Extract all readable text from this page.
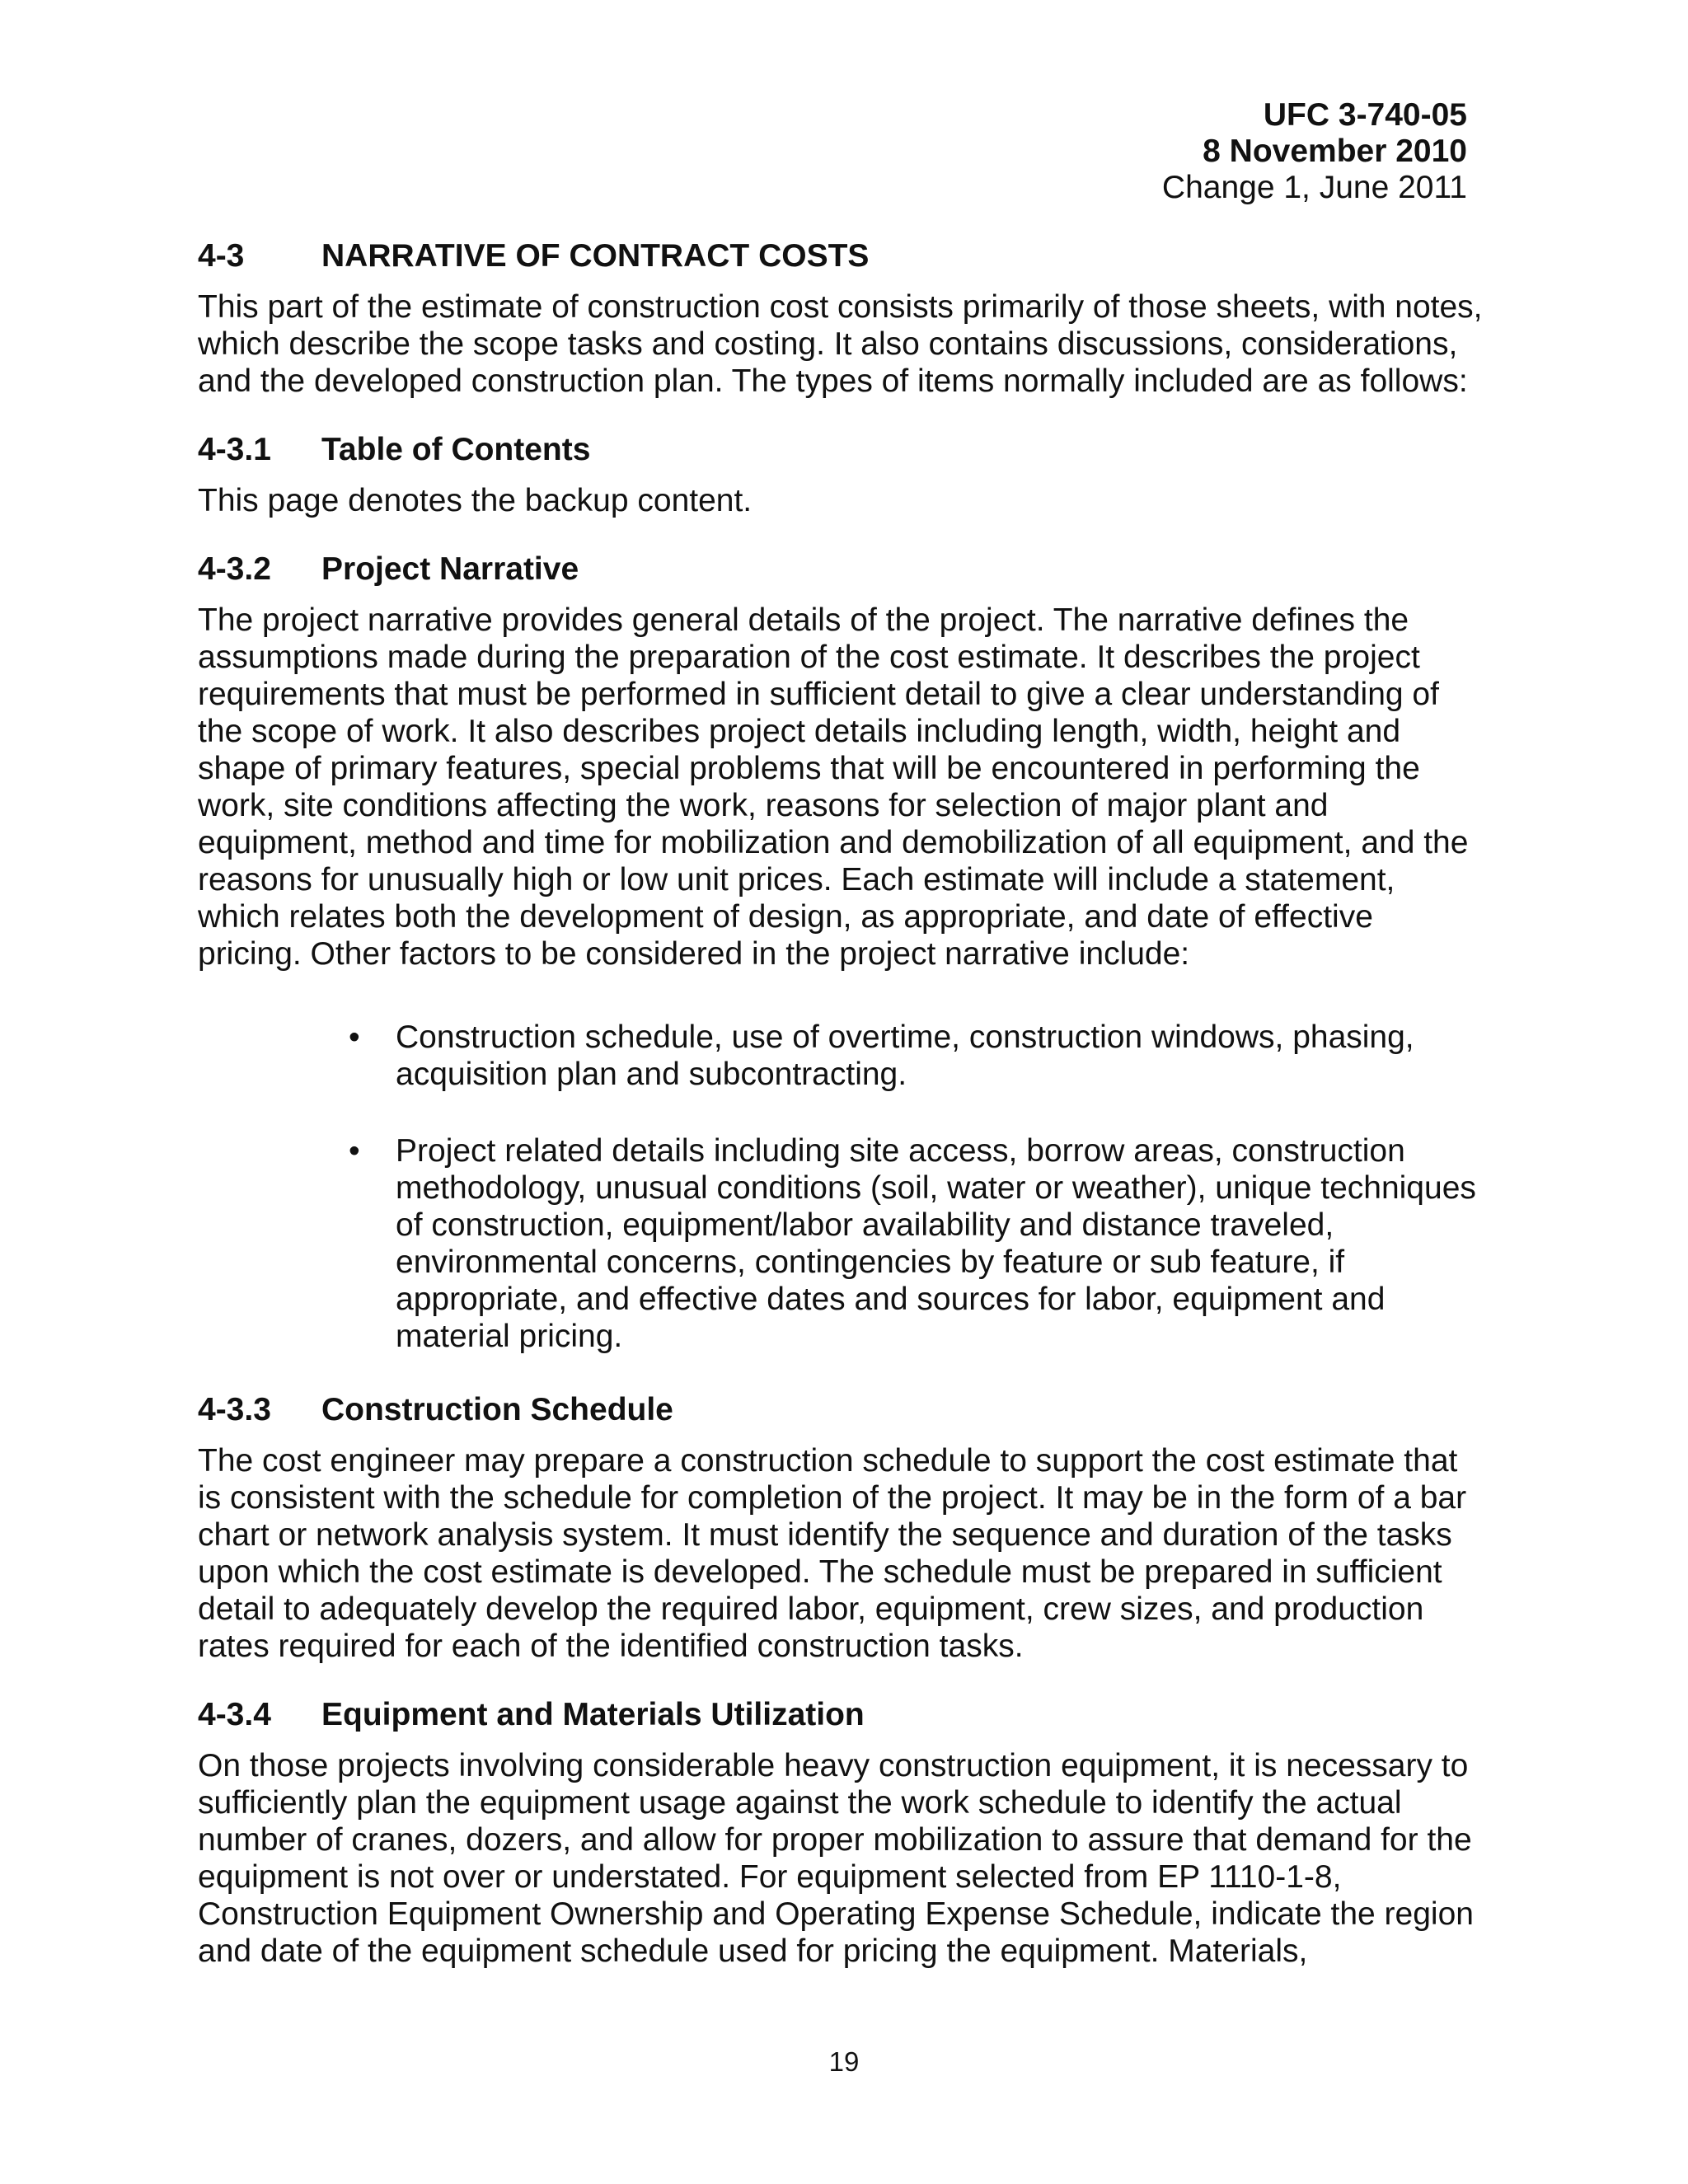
UFC 3-740-05
8 November 2010
Change 1, June 2011
4-3 NARRATIVE OF CONTRACT COSTS

This part of the estimate of construction cost consists primarily of those sheets, with notes, which describe the scope tasks and costing. It also contains discussions, considerations, and the developed construction plan. The types of items normally included are as follows:

4-3.1 Table of Contents

This page denotes the backup content.

4-3.2 Project Narrative

The project narrative provides general details of the project. The narrative defines the assumptions made during the preparation of the cost estimate. It describes the project requirements that must be performed in sufficient detail to give a clear understanding of the scope of work. It also describes project details including length, width, height and shape of primary features, special problems that will be encountered in performing the work, site conditions affecting the work, reasons for selection of major plant and equipment, method and time for mobilization and demobilization of all equipment, and the reasons for unusually high or low unit prices. Each estimate will include a statement, which relates both the development of design, as appropriate, and date of effective pricing. Other factors to be considered in the project narrative include:

• Construction schedule, use of overtime, construction windows, phasing, acquisition plan and subcontracting.
• Project related details including site access, borrow areas, construction methodology, unusual conditions (soil, water or weather), unique techniques of construction, equipment/labor availability and distance traveled, environmental concerns, contingencies by feature or sub feature, if appropriate, and effective dates and sources for labor, equipment and material pricing.
4-3.3 Construction Schedule

The cost engineer may prepare a construction schedule to support the cost estimate that is consistent with the schedule for completion of the project. It may be in the form of a bar chart or network analysis system. It must identify the sequence and duration of the tasks upon which the cost estimate is developed. The schedule must be prepared in sufficient detail to adequately develop the required labor, equipment, crew sizes, and production rates required for each of the identified construction tasks.

4-3.4 Equipment and Materials Utilization

On those projects involving considerable heavy construction equipment, it is necessary to sufficiently plan the equipment usage against the work schedule to identify the actual number of cranes, dozers, and allow for proper mobilization to assure that demand for the equipment is not over or understated. For equipment selected from EP 1110-1-8, Construction Equipment Ownership and Operating Expense Schedule, indicate the region and date of the equipment schedule used for pricing the equipment. Materials,

19
